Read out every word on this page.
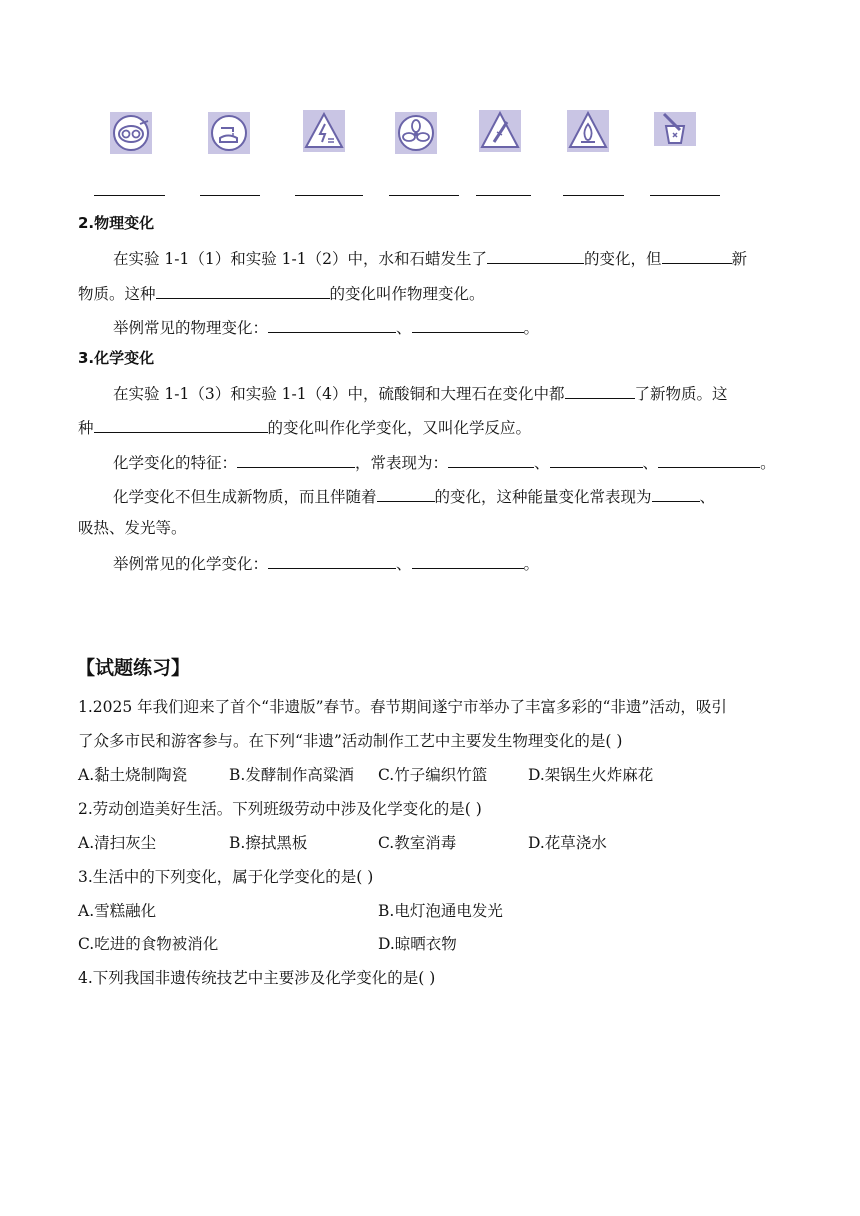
2.物理变化
在实验 1-1（1）和实验 1-1（2）中，水和石蜡发生了	的变化，但	新
物质。这种	的变化叫作物理变化。
举例常见的物理变化：	、	。
3.化学变化
在实验 1-1（3）和实验 1-1（4）中，硫酸铜和大理石在变化中都	了新物质。这
种	的变化叫作化学变化，又叫化学反应。
化学变化的特征：	，常表现为：	、	、	。
化学变化不但生成新物质，而且伴随着	的变化，这种能量变化常表现为	、
吸热、发光等。
举例常见的化学变化：	、	。
【试题练习】
1.2025 年我们迎来了首个“非遗版”春节。春节期间遂宁市举办了丰富多彩的“非遗”活动，吸引
了众多市民和游客参与。在下列“非遗”活动制作工艺中主要发生物理变化的是( )
A.黏土烧制陶瓷	B.发酵制作高粱酒 C.竹子编织竹篮	D.架锅生火炸麻花
2.劳动创造美好生活。下列班级劳动中涉及化学变化的是( )
A.清扫灰尘	B.擦拭黑板	C.教室消毒	D.花草浇水
3.生活中的下列变化，属于化学变化的是( )
A.雪糕融化	B.电灯泡通电发光
C.吃进的食物被消化	D.晾晒衣物
4.下列我国非遗传统技艺中主要涉及化学变化的是( )
